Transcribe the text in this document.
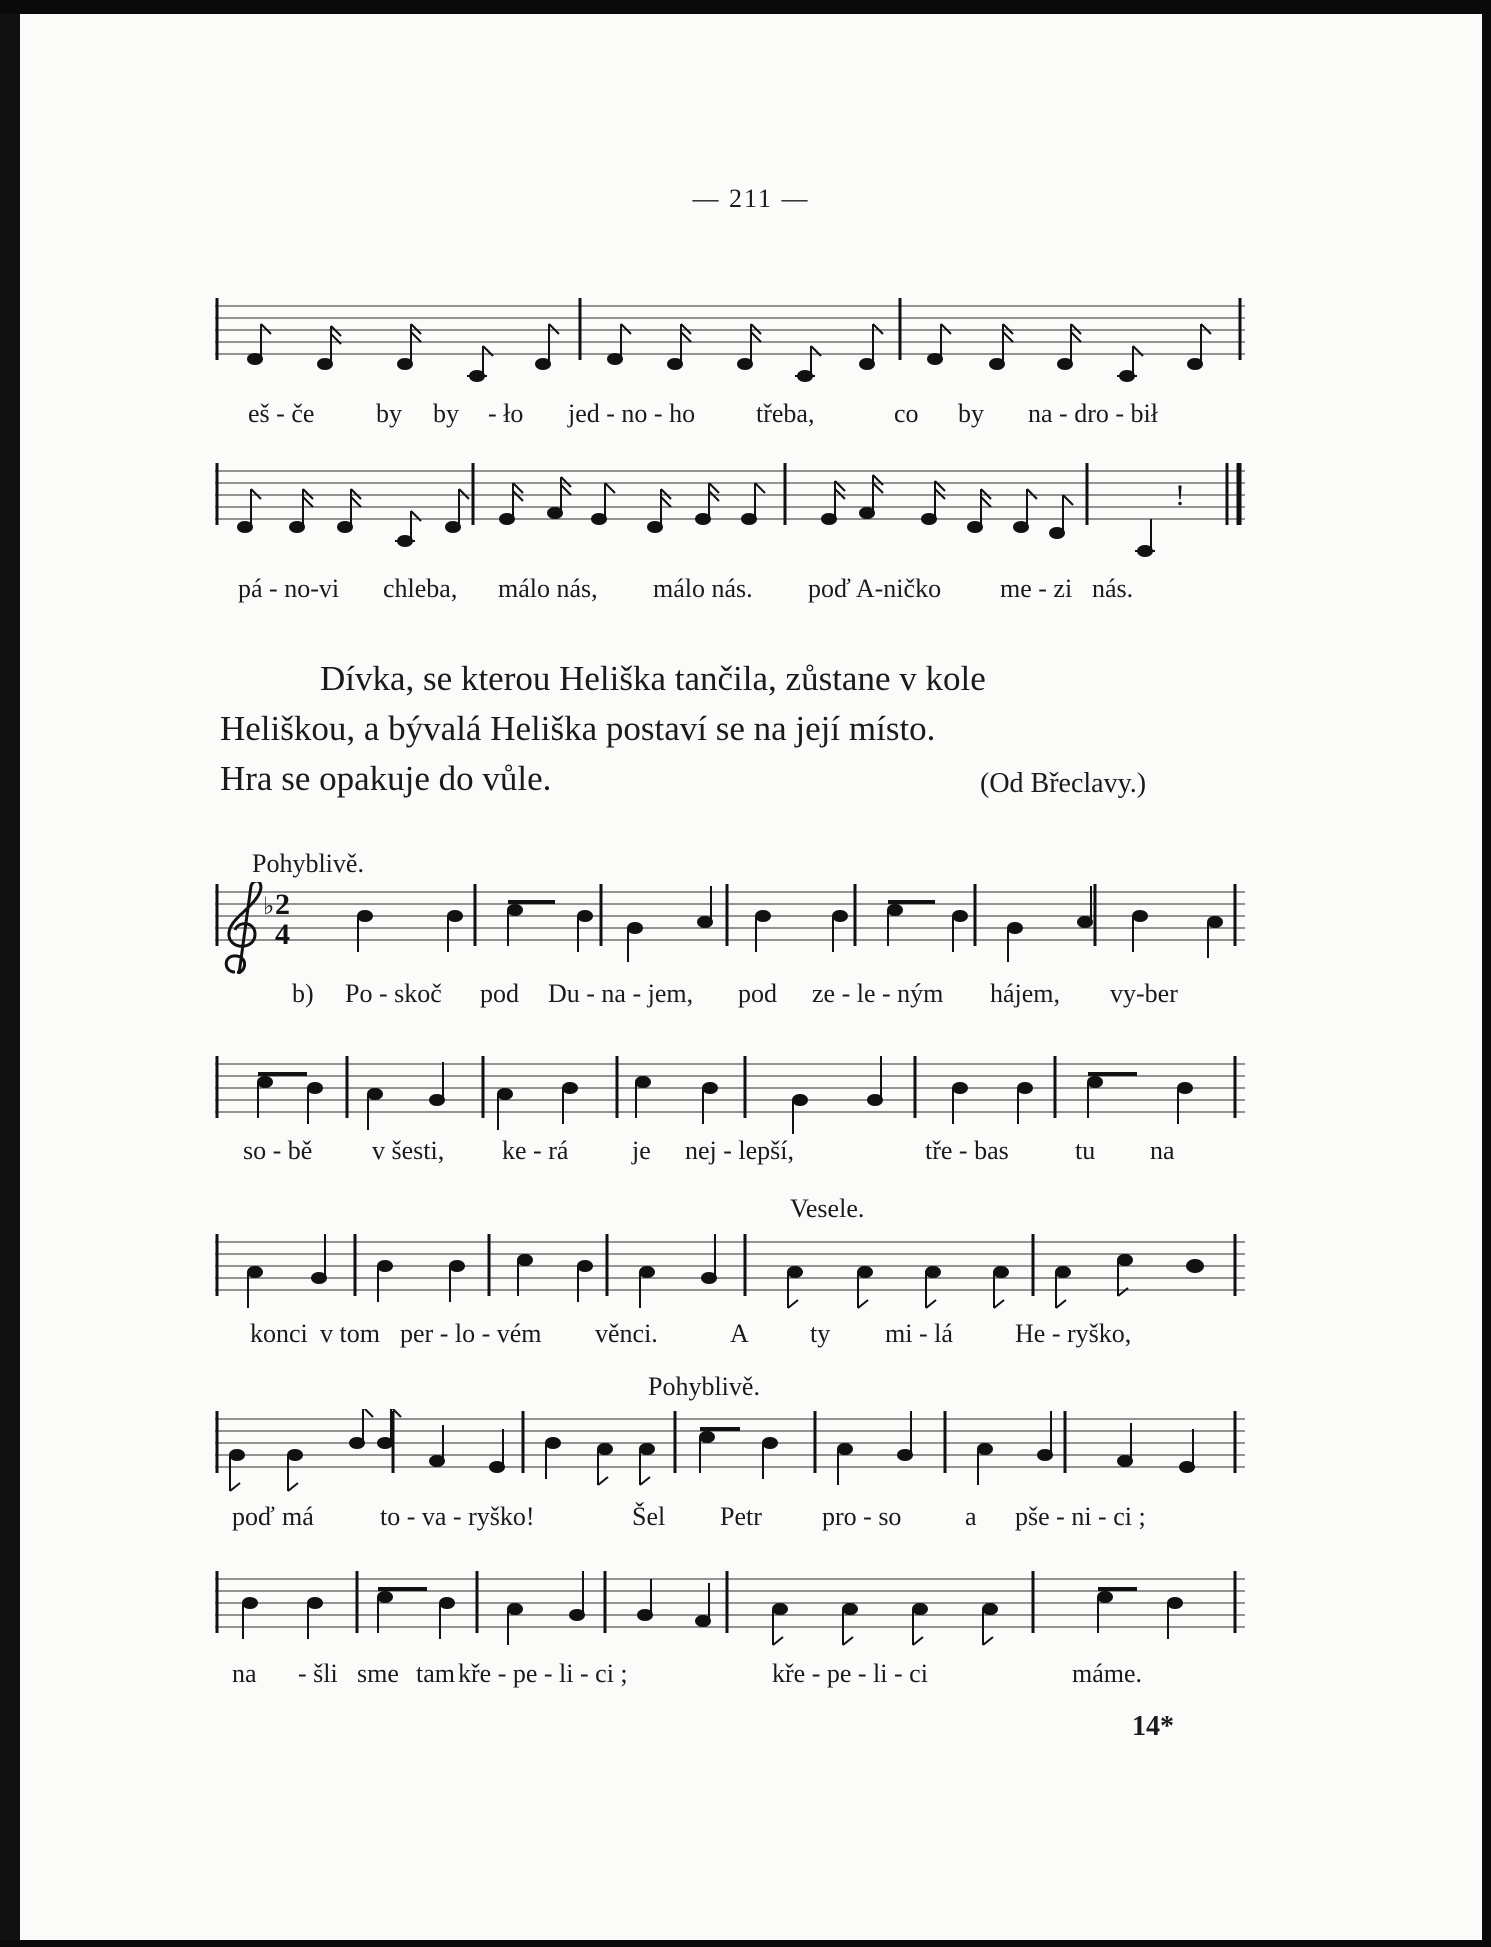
— 211 —
eš - če by by - ło jed - no - ho třeba,	co by na - dro - bił
!
pá - no-vi chleba, málo nás, málo nás. poď A-ničko me - zi nás.
Dívka, se kterou Heliška tančila, zůstane v kole
Heliškou, a bývalá Heliška postaví se na její místo.
Hra se opakuje do vůle.	(Od Břeclavy.)
Pohyblivě.
♭ 2
4
b) Po - skoč pod Du - na - jem, pod ze - le - ným hájem, vy-ber
so - bě v šesti, ke - rá je nej - lepší,	tře - bas	tu na
Vesele.
konci v tom per - lo - vém věnci.	A ty mi - lá He - ryško,
Pohyblivě.
poď má	to - va - ryško!	Šel Petr pro - so a pše - ni - ci ;
na - šli sme tam kře - pe - li - ci ;	kře - pe - li - ci	máme.
14*
